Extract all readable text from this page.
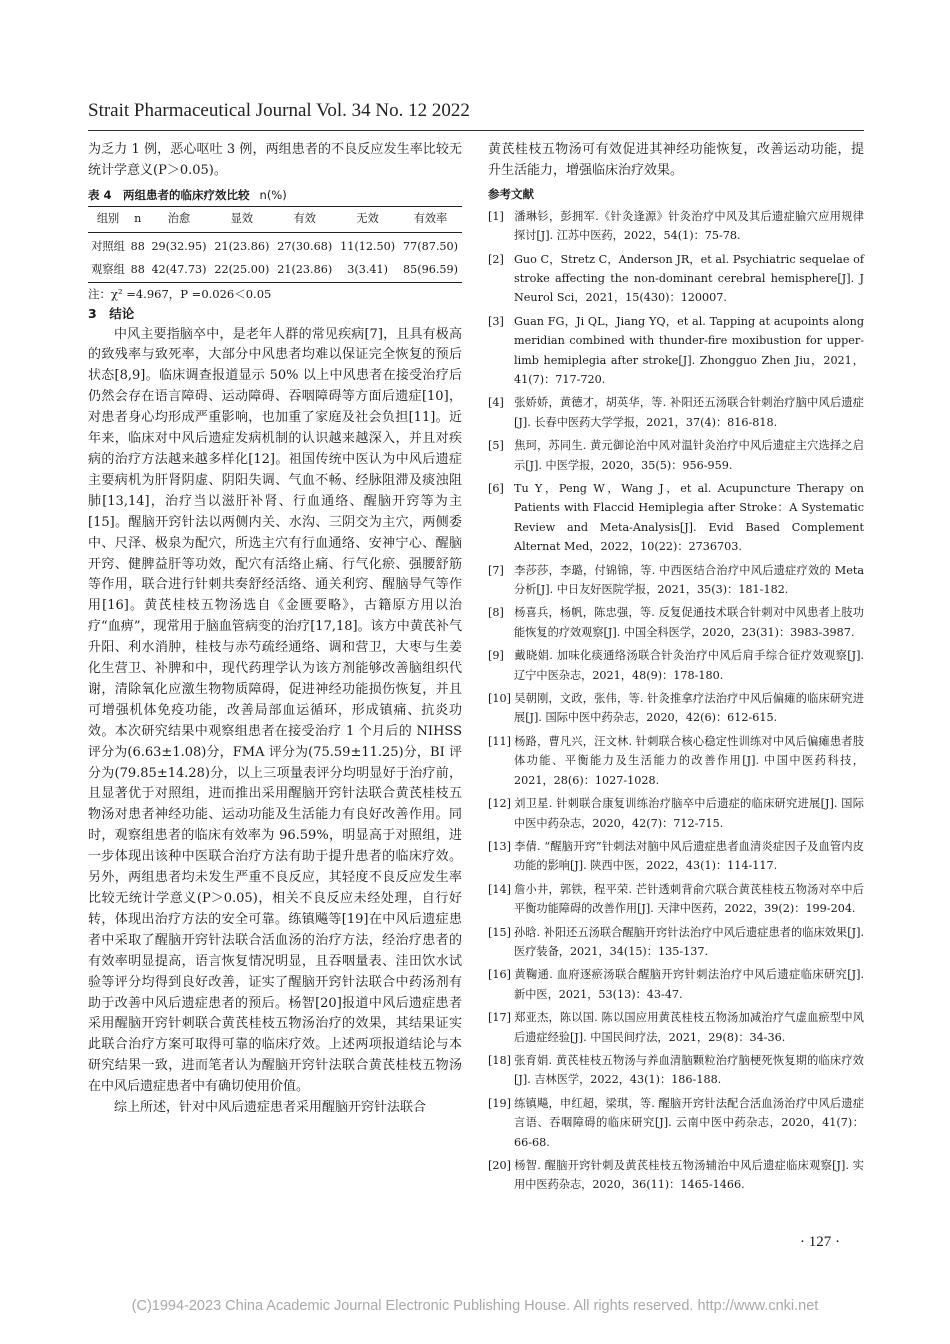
Strait Pharmaceutical Journal Vol. 34 No. 12 2022

为乏力 1 例，恶心呕吐 3 例，两组患者的不良反应发生率比较无统计学意义(P＞0.05)。

表 4　两组患者的临床疗效比较 n(%)
组别	n	治愈	显效	有效	无效	有效率
对照组	88	29(32.95)	21(23.86)	27(30.68)	11(12.50)	77(87.50)
观察组	88	42(47.73)	22(25.00)	21(23.86)	3(3.41)	85(96.59)
注：χ² =4.967，P =0.026＜0.05
3　结论

中风主要指脑卒中，是老年人群的常见疾病[7]，且具有极高的致残率与致死率，大部分中风患者均难以保证完全恢复的预后状态[8,9]。临床调查报道显示 50% 以上中风患者在接受治疗后仍然会存在语言障碍、运动障碍、吞咽障碍等方面后遗症[10]，对患者身心均形成严重影响，也加重了家庭及社会负担[11]。近年来，临床对中风后遗症发病机制的认识越来越深入，并且对疾病的治疗方法越来越多样化[12]。祖国传统中医认为中风后遗症主要病机为肝肾阴虚、阴阳失调、气血不畅、经脉阻滞及痰浊阻肺[13,14]，治疗当以滋肝补肾、行血通络、醒脑开窍等为主[15]。醒脑开窍针法以两侧内关、水沟、三阴交为主穴，两侧委中、尺泽、极泉为配穴，所选主穴有行血通络、安神宁心、醒脑开窍、健脾益肝等功效，配穴有活络止痛、行气化瘀、强腰舒筋等作用，联合进行针刺共奏舒经活络、通关利窍、醒脑导气等作用[16]。黄芪桂枝五物汤选自《金匮要略》，古籍原方用以治疗“血痹”，现常用于脑血管病变的治疗[17,18]。该方中黄芪补气升阳、利水消肿，桂枝与赤芍疏经通络、调和营卫，大枣与生姜化生营卫、补脾和中，现代药理学认为该方剂能够改善脑组织代谢，清除氧化应激生物物质障碍，促进神经功能损伤恢复，并且可增强机体免疫功能，改善局部血运循环，形成镇痛、抗炎功效。本次研究结果中观察组患者在接受治疗 1 个月后的 NIHSS 评分为(6.63±1.08)分，FMA 评分为(75.59±11.25)分，BI 评分为(79.85±14.28)分，以上三项量表评分均明显好于治疗前，且显著优于对照组，进而推出采用醒脑开窍针法联合黄芪桂枝五物汤对患者神经功能、运动功能及生活能力有良好改善作用。同时，观察组患者的临床有效率为 96.59%，明显高于对照组，进一步体现出该种中医联合治疗方法有助于提升患者的临床疗效。另外，两组患者均未发生严重不良反应，其轻度不良反应发生率比较无统计学意义(P＞0.05)，相关不良反应未经处理，自行好转，体现出治疗方法的安全可靠。练镇飚等[19]在中风后遗症患者中采取了醒脑开窍针法联合活血汤的治疗方法，经治疗患者的有效率明显提高，语言恢复情况明显，且吞咽量表、洼田饮水试验等评分均得到良好改善，证实了醒脑开窍针法联合中药汤剂有助于改善中风后遗症患者的预后。杨智[20]报道中风后遗症患者采用醒脑开窍针刺联合黄芪桂枝五物汤治疗的效果，其结果证实此联合治疗方案可取得可靠的临床疗效。上述两项报道结论与本研究结果一致，进而笔者认为醒脑开窍针法联合黄芪桂枝五物汤在中风后遗症患者中有确切使用价值。

综上所述，针对中风后遗症患者采用醒脑开窍针法联合

黄芪桂枝五物汤可有效促进其神经功能恢复，改善运动功能，提升生活能力，增强临床治疗效果。

参考文献
[1] 潘琳钐，彭拥军.《针灸逢源》针灸治疗中风及其后遗症腧穴应用规律探讨[J]. 江苏中医药，2022，54(1)：75-78.
[2] Guo C，Stretz C，Anderson JR，et al. Psychiatric sequelae of stroke affecting the non-dominant cerebral hemisphere[J]. J Neurol Sci，2021，15(430)：120007.
[3] Guan FG，Ji QL，Jiang YQ，et al. Tapping at acupoints along meridian combined with thunder-fire moxibustion for upper-limb hemiplegia after stroke[J]. Zhongguo Zhen Jiu，2021，41(7)：717-720.
[4] 张娇娇，黄德才，胡英华，等. 补阳还五汤联合针刺治疗脑中风后遗症[J]. 长春中医药大学学报，2021，37(4)：816-818.
[5] 焦珂，苏同生. 黄元御论治中风对温针灸治疗中风后遗症主穴选择之启示[J]. 中医学报，2020，35(5)：956-959.
[6] Tu Y，Peng W，Wang J，et al. Acupuncture Therapy on Patients with Flaccid Hemiplegia after Stroke：A Systematic Review and Meta-Analysis[J]. Evid Based Complement Alternat Med，2022，10(22)：2736703.
[7] 李莎莎，李璐，付锦锦，等. 中西医结合治疗中风后遗症疗效的 Meta 分析[J]. 中日友好医院学报，2021，35(3)：181-182.
[8] 杨喜兵，杨帆，陈忠强，等. 反复促通技术联合针刺对中风患者上肢功能恢复的疗效观察[J]. 中国全科医学，2020，23(31)：3983-3987.
[9] 戴晓娟. 加味化痰通络汤联合针灸治疗中风后肩手综合征疗效观察[J]. 辽宁中医杂志，2021，48(9)：178-180.
[10] 吴朝刚，文政，张伟，等. 针灸推拿疗法治疗中风后偏瘫的临床研究进展[J]. 国际中医中药杂志，2020，42(6)：612-615.
[11] 杨路，曹凡兴，汪文林. 针刺联合核心稳定性训练对中风后偏瘫患者肢体功能、平衡能力及生活能力的改善作用[J]. 中国中医药科技，2021，28(6)：1027-1028.
[12] 刘卫星. 针刺联合康复训练治疗脑卒中后遗症的临床研究进展[J]. 国际中医中药杂志，2020，42(7)：712-715.
[13] 李倩. “醒脑开窍”针刺法对脑中风后遗症患者血清炎症因子及血管内皮功能的影响[J]. 陕西中医，2022，43(1)：114-117.
[14] 詹小井，郭铁，程平荣. 芒针透刺背俞穴联合黄芪桂枝五物汤对卒中后平衡功能障碍的改善作用[J]. 天津中医药，2022，39(2)：199-204.
[15] 孙晗. 补阳还五汤联合醒脑开窍针法治疗中风后遗症患者的临床效果[J]. 医疗装备，2021，34(15)：135-137.
[16] 黄鞠通. 血府逐瘀汤联合醒脑开窍针刺法治疗中风后遗症临床研究[J]. 新中医，2021，53(13)：43-47.
[17] 郑亚杰，陈以国. 陈以国应用黄芪桂枝五物汤加减治疗气虚血瘀型中风后遗症经验[J]. 中国民间疗法，2021，29(8)：34-36.
[18] 张育娟. 黄芪桂枝五物汤与养血清脑颗粒治疗脑梗死恢复期的临床疗效[J]. 吉林医学，2022，43(1)：186-188.
[19] 练镇飚，申红超，梁琪，等. 醒脑开窍针法配合活血汤治疗中风后遗症言语、吞咽障碍的临床研究[J]. 云南中医中药杂志，2020，41(7)：66-68.
[20] 杨智. 醒脑开窍针刺及黄芪桂枝五物汤辅治中风后遗症临床观察[J]. 实用中医药杂志，2020，36(11)：1465-1466.
· 127 ·
(C)1994-2023 China Academic Journal Electronic Publishing House. All rights reserved. http://www.cnki.net
